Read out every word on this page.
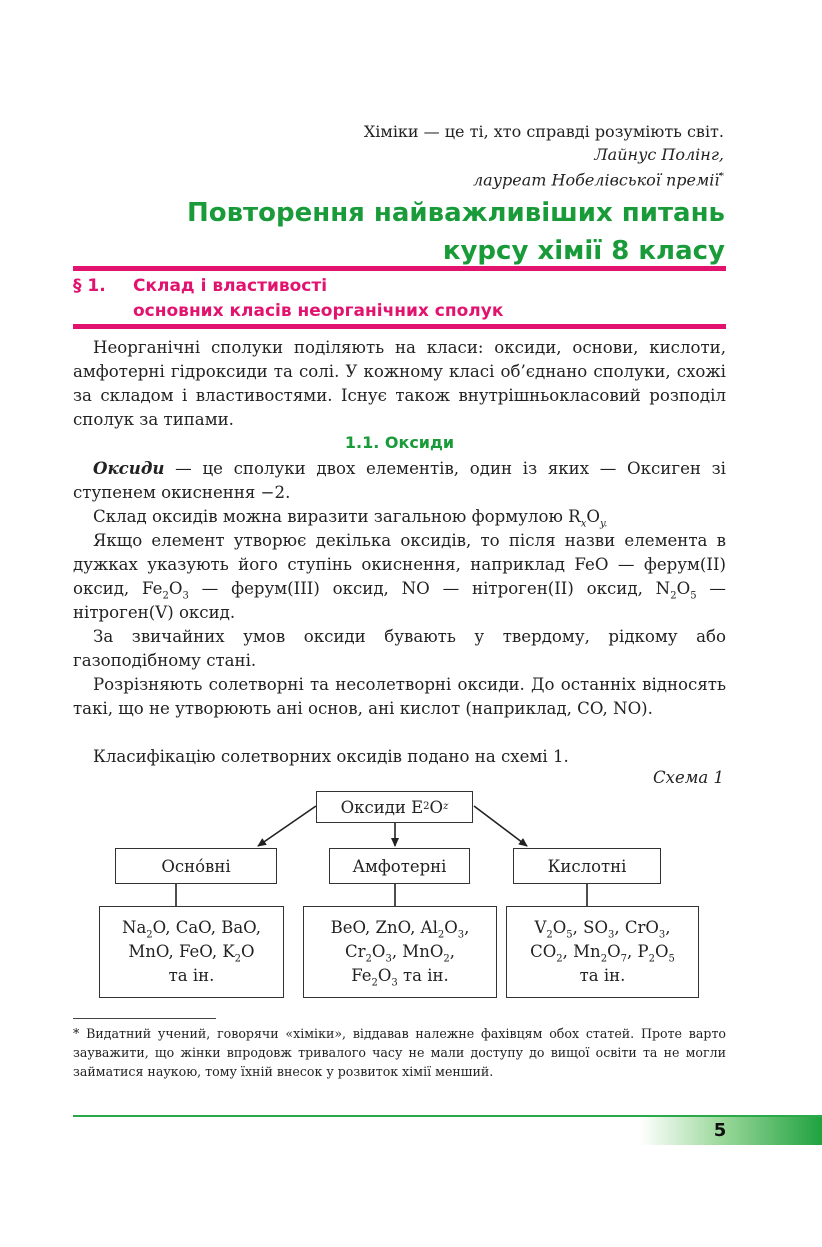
Хіміки — це ті, хто справді розуміють світ.
Лайнус Полінг,
лауреат Нобелівської премії*
Повторення найважливіших питань
курсу хімії 8 класу
§ 1. Склад і властивості
основних класів неорганічних сполук

Неорганічні сполуки поділяють на класи: оксиди, основи, кислоти, амфотерні гідроксиди та солі. У кожному класі об’єднано сполуки, схожі за складом і властивостями. Існує також внутрішньокласовий розподіл сполук за типами.

1.1. Оксиди

Оксиди — це сполуки двох елементів, один із яких — Оксиген зі ступенем окиснення −2.

Склад оксидів можна виразити загальною формулою $R_xO_{y.}$

Якщо елемент утворює декілька оксидів, то після назви елемента в дужках указують його ступінь окиснення, наприклад FeO — ферум(II) оксид, $Fe_2O_3$ — ферум(III) оксид, NO — нітроген(II) оксид, $N_2O_5$ — нітроген(V) оксид.

За звичайних умов оксиди бувають у твердому, рідкому або газоподібному стані.

Розрізняють солетворні та несолетворні оксиди. До останніх відносять такі, що не утворюють ані основ, ані кислот (наприклад, CO, NO).

Класифікацію солетворних оксидів подано на схемі 1.

Схема 1
Оксиди E 2 O z
Осно́вні	Амфотерні	Кислотні
$Na_2O$, CaO, BaO,
MnO, FeO, $K_2O$
та ін.
BeO, ZnO, $Al_2O_3$,
$Cr_2O_3$, MnO$_2$,
$Fe_2O_3$ та ін.
$V_2O_5$, $SO_3$, CrO$_3$,
$CO_2$, $Mn_2O_7$, $P_2O_5$
та ін.
* Видатний учений, говорячи «хіміки», віддавав належне фахівцям обох статей. Проте варто зауважити, що жінки впродовж тривалого часу не мали доступу до вищої освіти та не могли займатися наукою, тому їхній внесок у розвиток хімії менший.
5
